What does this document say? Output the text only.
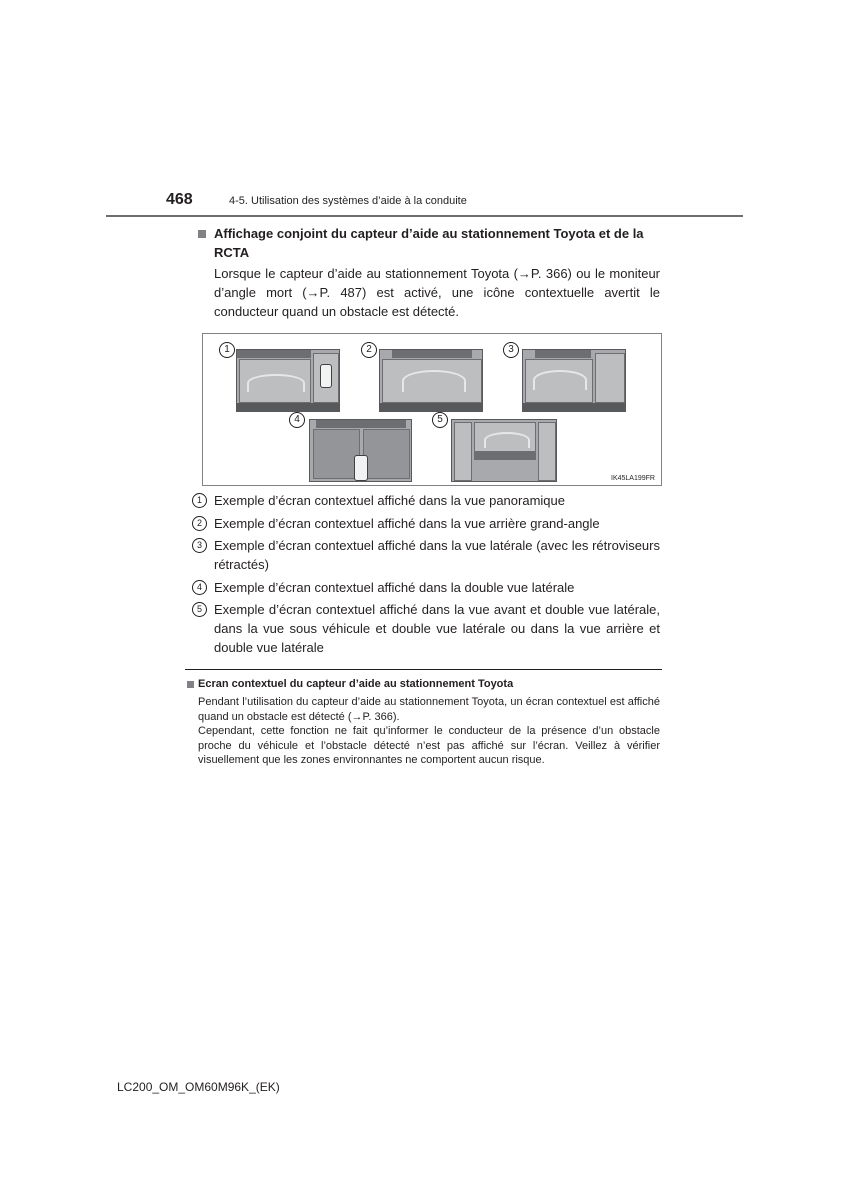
468	4-5. Utilisation des systèmes d’aide à la conduite
Affichage conjoint du capteur d’aide au stationnement Toyota et de la
RCTA
Lorsque le capteur d’aide au stationnement Toyota (→P. 366) ou le moniteur d’angle mort (→P. 487) est activé, une icône contextuelle avertit le conducteur quand un obstacle est détecté.
1	2	3
4	5
IK45LA199FR
1 Exemple d’écran contextuel affiché dans la vue panoramique
2 Exemple d’écran contextuel affiché dans la vue arrière grand-angle
3 Exemple d’écran contextuel affiché dans la vue latérale (avec les rétroviseurs rétractés)
4 Exemple d’écran contextuel affiché dans la double vue latérale
5 Exemple d’écran contextuel affiché dans la vue avant et double vue latérale, dans la vue sous véhicule et double vue latérale ou dans la vue arrière et double vue latérale
Ecran contextuel du capteur d’aide au stationnement Toyota

Pendant l’utilisation du capteur d’aide au stationnement Toyota, un écran contextuel est affiché quand un obstacle est détecté (→P. 366).

Cependant, cette fonction ne fait qu’informer le conducteur de la présence d’un obstacle proche du véhicule et l’obstacle détecté n’est pas affiché sur l’écran. Veillez à vérifier visuellement que les zones environnantes ne comportent aucun risque.

LC200_OM_OM60M96K_(EK)
